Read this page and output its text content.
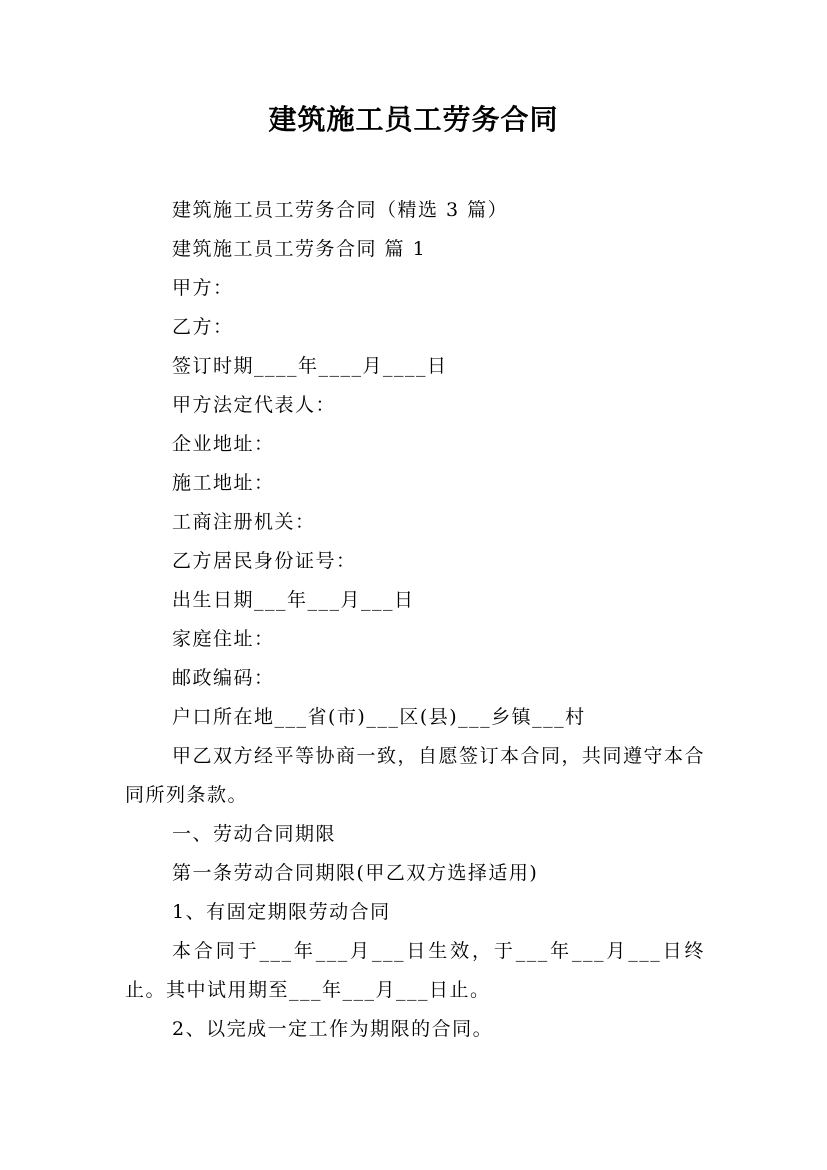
建筑施工员工劳务合同

建筑施工员工劳务合同（精选 3 篇）

建筑施工员工劳务合同 篇 1

甲方：

乙方：

签订时期____年____月____日

甲方法定代表人：

企业地址：

施工地址：

工商注册机关：

乙方居民身份证号：

出生日期___年___月___日

家庭住址：

邮政编码：

户口所在地___省(市)___区(县)___乡镇___村

甲乙双方经平等协商一致，自愿签订本合同，共同遵守本合同所列条款。

一、劳动合同期限

第一条劳动合同期限(甲乙双方选择适用)

1、有固定期限劳动合同

本合同于___年___月___日生效，于___年___月___日终止。其中试用期至___年___月___日止。

2、以完成一定工作为期限的合同。
